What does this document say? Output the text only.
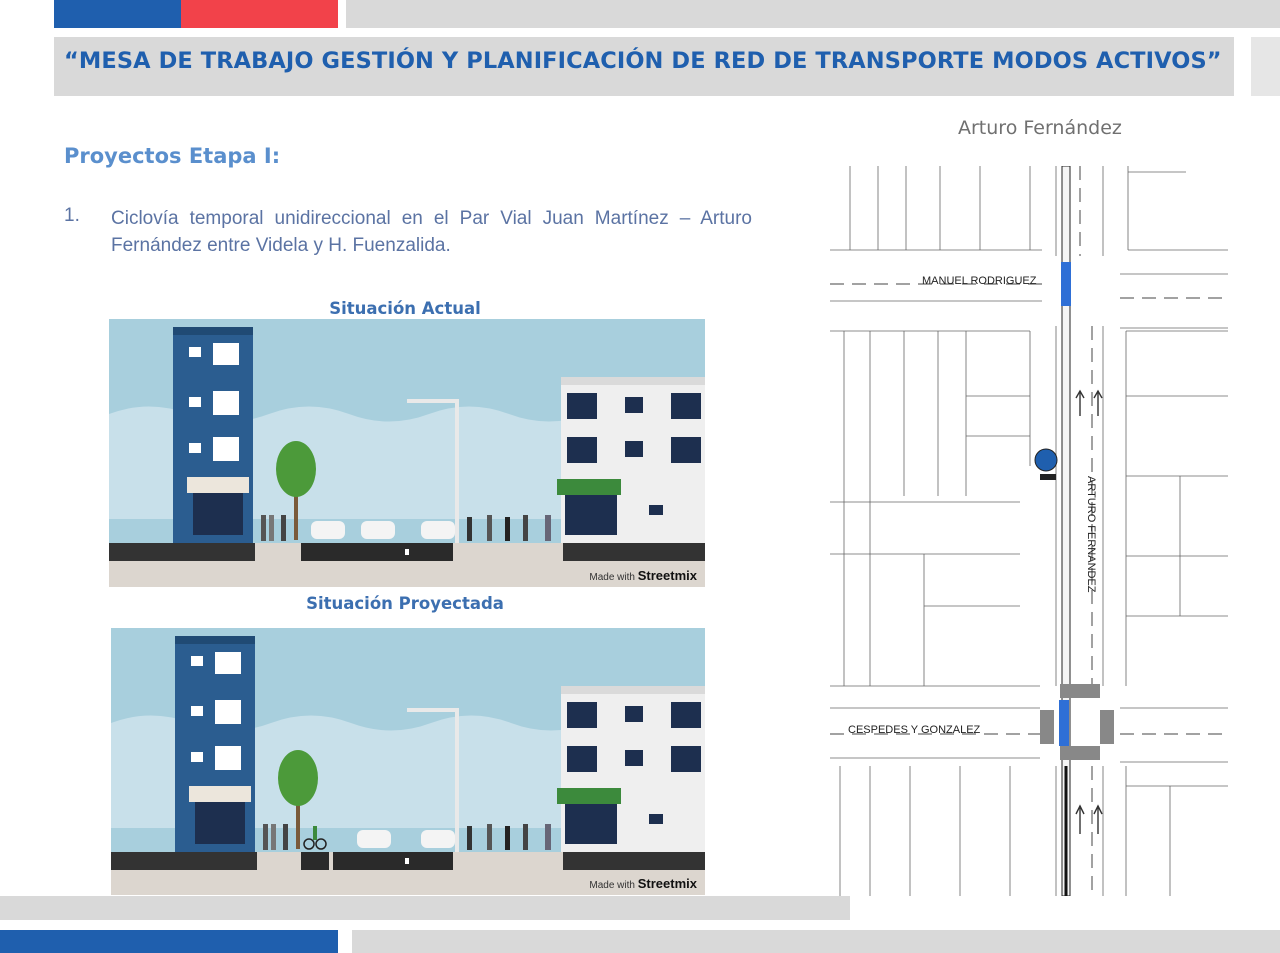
“MESA DE TRABAJO GESTIÓN Y PLANIFICACIÓN DE RED DE TRANSPORTE MODOS ACTIVOS”
Proyectos Etapa I:
1. Ciclovía temporal unidireccional en el Par Vial Juan Martínez – Arturo Fernández entre Videla y H. Fuenzalida.
Situación Actual
Situación Proyectada
Made with Streetmix
Made with Streetmix
Arturo Fernández
MANUEL RODRIGUEZ
CESPEDES Y GONZALEZ
ARTURO FERNANDEZ
